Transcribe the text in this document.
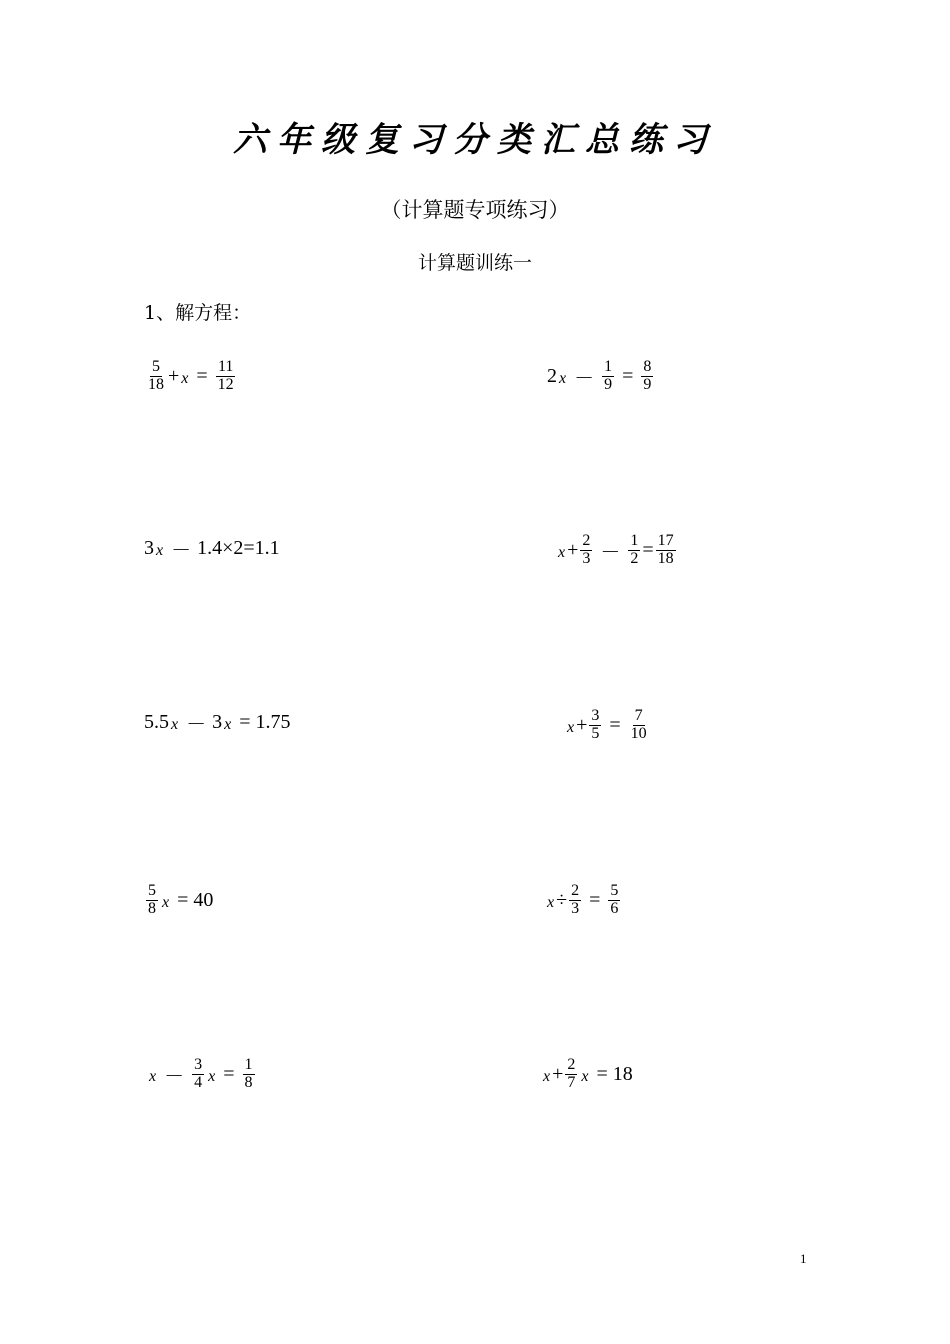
六年级复习分类汇总练习
（计算题专项练习）
计算题训练一
1、解方程：
$\frac{5}{18} + x = \frac{11}{12}$	2 $x - \frac{1}{9} = \frac{8}{9}$
3 x － 1.4×2=1.1	$x + \frac{2}{3} - \frac{1}{2} = \frac{17}{18}$
5.5 x － 3 x = 1.75	$x + \frac{3}{5} = \frac{7}{10}$
$\frac{5}{8}$ x = 40	$x \div \frac{2}{3} = \frac{5}{6}$
$x - \frac{3}{4}$ $x = \frac{1}{8}$	$x + \frac{2}{7}$ x = 18
1
